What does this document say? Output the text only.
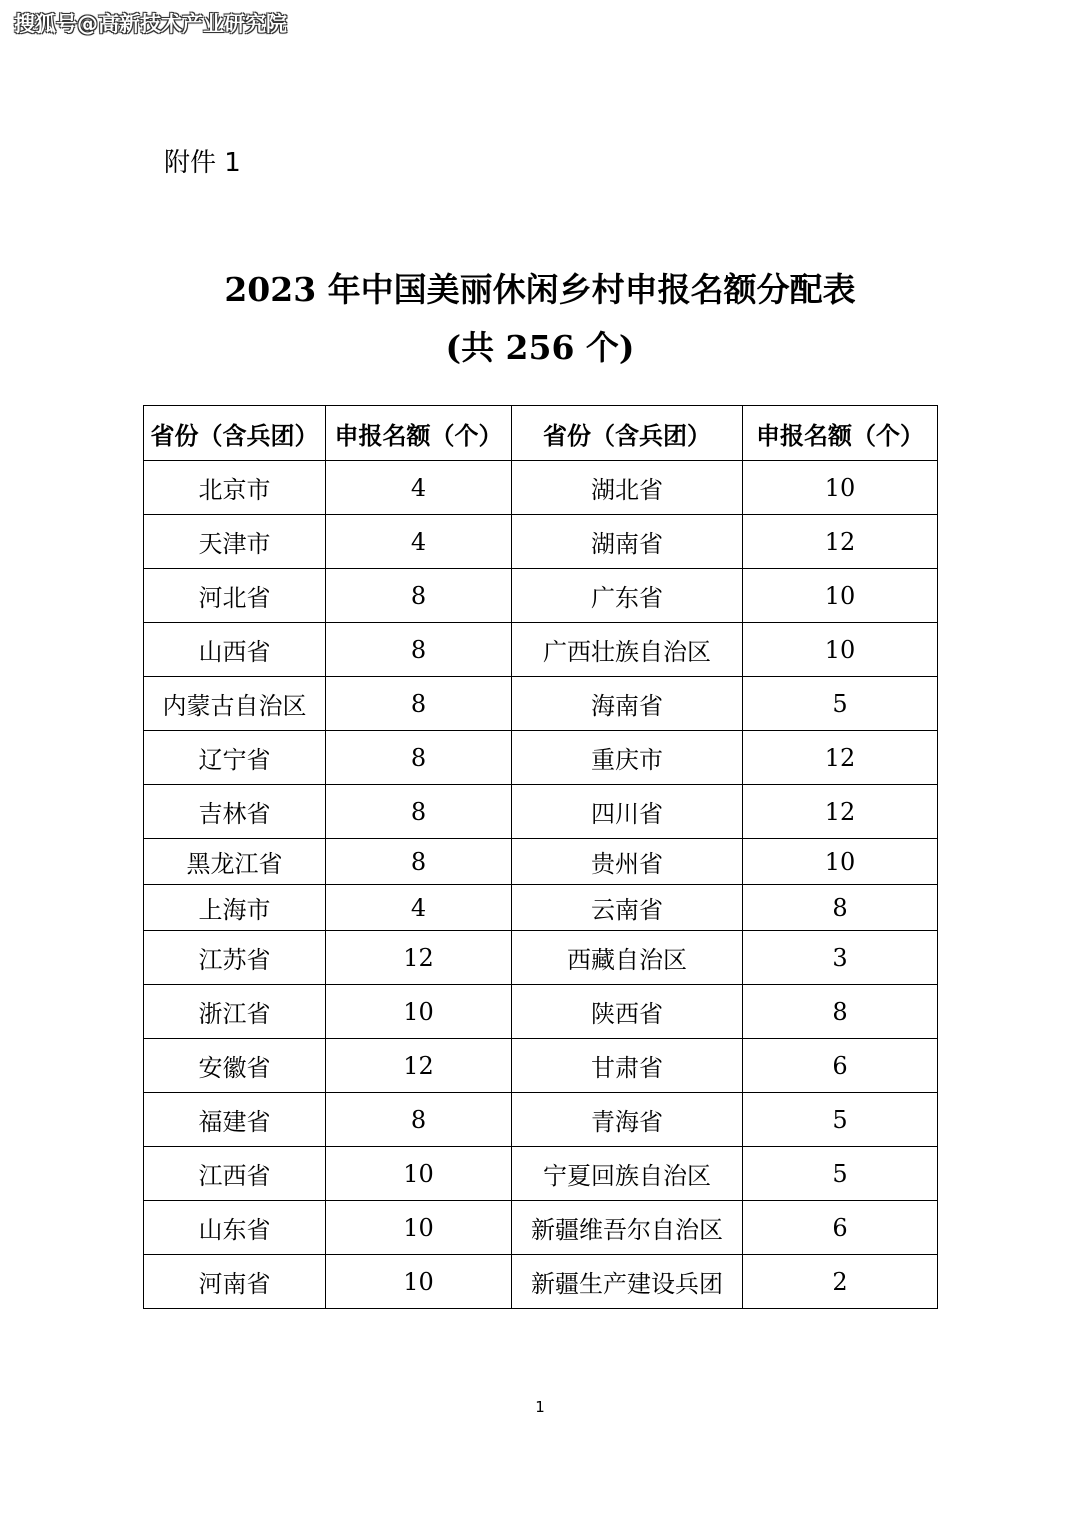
搜狐号@高新技术产业研究院
附件 1
2023 年中国美丽休闲乡村申报名额分配表
(共 256 个)
省份（含兵团）	申报名额（个）	省份（含兵团）	申报名额（个）
北京市	4	湖北省	10
天津市	4	湖南省	12
河北省	8	广东省	10
山西省	8	广西壮族自治区	10
内蒙古自治区	8	海南省	5
辽宁省	8	重庆市	12
吉林省	8	四川省	12
黑龙江省	8	贵州省	10
上海市	4	云南省	8
江苏省	12	西藏自治区	3
浙江省	10	陕西省	8
安徽省	12	甘肃省	6
福建省	8	青海省	5
江西省	10	宁夏回族自治区	5
山东省	10	新疆维吾尔自治区	6
河南省	10	新疆生产建设兵团	2
1
